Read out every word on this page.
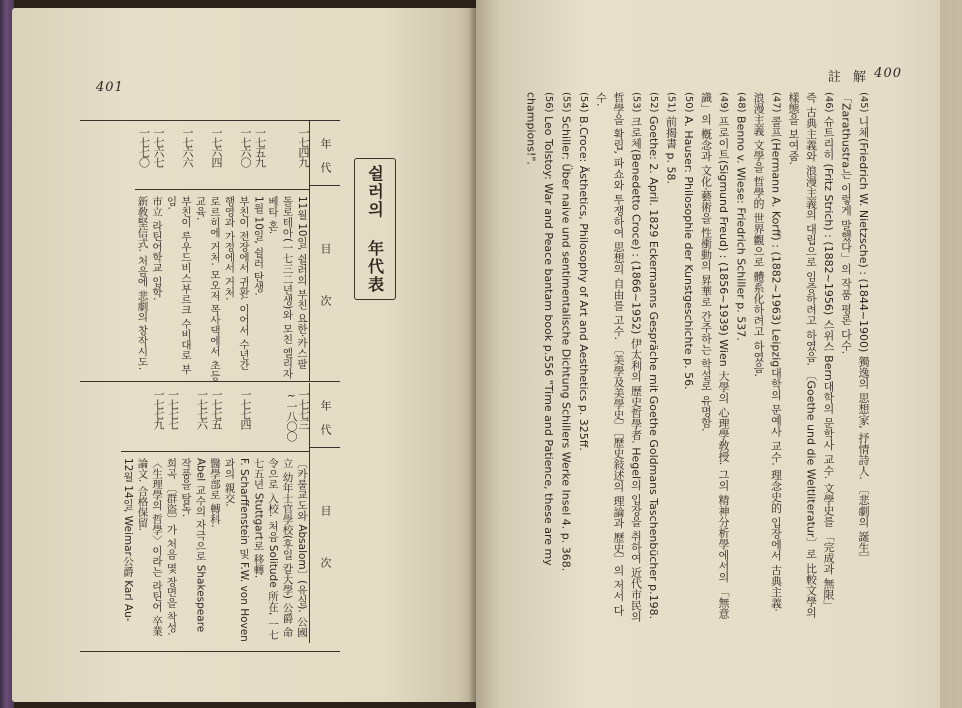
401
쉴러의 年代表
年 代
目 次
一七四九
11월 10일, 쉴러의 부친 요한·카스팔 돌로테아(一七三二년생)와 모친 엘리자베타 혼.
一七五九
1월 10일, 쉴러 탄생.
一七六〇
부친이 전장에서 귀환. 이어서 수년간 행영과 가정에서 거처.
一七六四
로르히에 거처. 모오저 목사댁에서 초등 교육.
一七六六
부친이 루우드비스부르크 수비대로 부임.
一七六七
市立 라틴어학교 입학.
一七七〇
新敎堅信式. 처음에 悲劇의 창작시도.
年 代
目 次
一七七三 ~一八〇〇
〔카룰교도와 Absalom〕(유실). 公國立 幼年士官學校(후일 칼大學) 公爵 命令으로 入校. 처음 Solitude 所在, 一七七五년 Stuttgart로 移轉.
一七七四
F. Scharffenstein 및 F.W. von Hoven과의 親交.
一七七五
醫學部로 轉科.
一七七六
Abel 교수의 자극으로 Shakespeare 작품을 탐독.
一七七七
희곡 〔群盜〕가 처음 몇 장면을 착성.
一七七九
〈生理學의 哲學〉이라는 라틴어 卒業論文. 合格保留.
12월 14일, Weimar公爵 Karl Au-
註 解 400
(45) 니체(Friedrich W. Nietzsche) : (1844~1900) 獨逸의 思想家, 抒情詩人. 〔悲劇의 誕生〕 「Zarathustra는 이렇게 말했다」의 작품 평론 다수.
(46) 슈트리히 (Fritz Strich) : (1882~1956) 스위스 Bern대학의 문학사 교수. 文學史를 「完成과 無限」 즉 古典主義와 浪漫主義의 대립으로 임증하려고 하였음. 〔Goethe und die Weltliteratur〕로 比較文學의 樣態을 보여줌.
(47) 콜프(Hermann A. Korff) : (1882~1963) Leipzig대학의 문예사 교수. 理念史的 입장에서 古典主義·浪漫主義 文學을 哲學的 世界觀으로 體系化하려고 하였음.
(48) Benno v. Wiese: Friedrich Schiller p. 537.
(49) 프로이트(Sigmund Freud) : (1856~1939) Wien 大學의 心理學敎授. 그의 精神分析學에서의 「無意識」의 槪念과 文化·藝術을 性衝動의 昇華로 간주하는 학설로 유명함.
(50) A. Hauser: Philosophie der Kunstgeschichte p. 56.
(51) 前揭書 p. 58.
(52) Goethe: 2. April. 1829 Eckermanns Gespräche mit Goethe Goldmans Taschenbücher p.198.
(53) 크로체(Benedetto Croce) : (1866~1952) 伊太利의 歷史哲學者. Hegel의 입장을 취하여 近代市民의 哲學을 확립, 파쇼와 투쟁하여 思想의 自由를 고수. 〔美學及美學史〕〔歷史敍述의 理論과 歷史〕의 저서 다수.
(54) B.Croce: Ästhetics, Philosophy of Art and Aesthetics p. 325ff.
(55) Schiller: Über naive und sentimentalische Dichtung Schillers Werke Insel 4. p. 368.
(56) Leo Tolstoy: War and Peace bantam book p.556 "Time and Patience, these are my champions!".
